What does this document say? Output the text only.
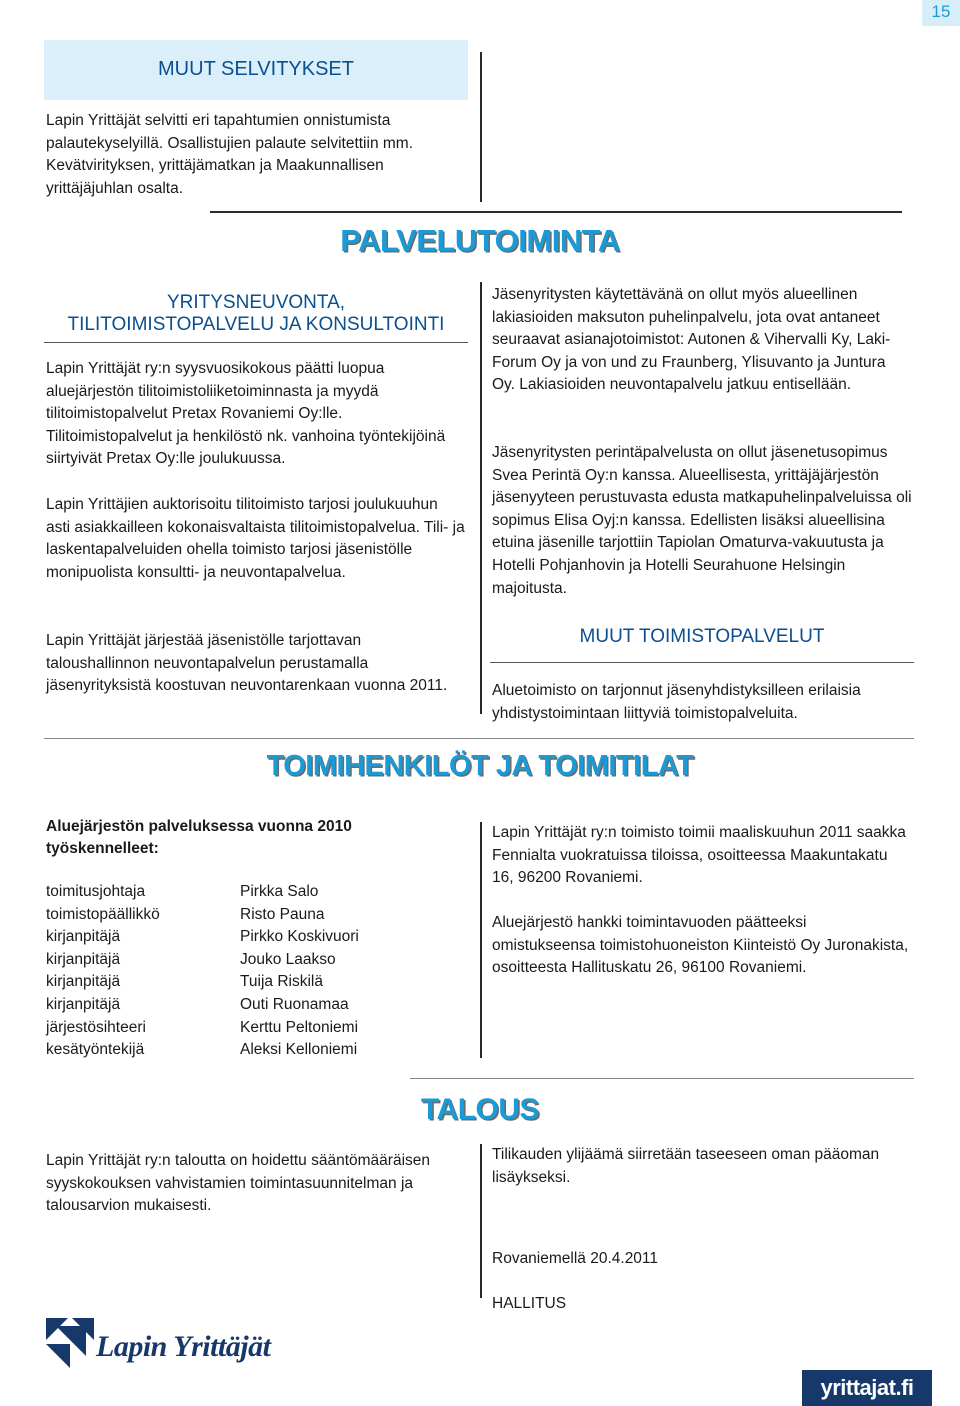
15
MUUT SELVITYKSET

Lapin Yrittäjät selvitti eri tapahtumien onnistumista palautekyselyillä. Osallistujien palaute selvitettiin mm. Kevätvirityksen, yrittäjämatkan ja Maakunnallisen yrittäjäjuhlan osalta.

PALVELUTOIMINTA
YRITYSNEUVONTA,
TILITOIMISTOPALVELU JA KONSULTOINTI

Lapin Yrittäjät ry:n syysvuosikokous päätti luopua aluejärjestön tilitoimistoliiketoiminnasta ja myydä tilitoimistopalvelut Pretax Rovaniemi Oy:lle. Tilitoimistopalvelut ja henkilöstö nk. vanhoina työntekijöinä siirtyivät Pretax Oy:lle joulukuussa.

Lapin Yrittäjien auktorisoitu tilitoimisto tarjosi joulukuuhun asti asiakkailleen kokonaisvaltaista tilitoimistopalvelua. Tili- ja laskentapalveluiden ohella toimisto tarjosi jäsenistölle monipuolista konsultti- ja neuvontapalvelua.

Lapin Yrittäjät järjestää jäsenistölle tarjottavan taloushallinnon neuvontapalvelun perustamalla jäsenyrityksistä koostuvan neuvontarenkaan vuonna 2011.

Jäsenyritysten käytettävänä on ollut myös alueellinen lakiasioiden maksuton puhelinpalvelu, jota ovat antaneet seuraavat asianajotoimistot: Autonen & Vihervalli Ky, Laki-Forum Oy ja von und zu Fraunberg, Ylisuvanto ja Juntura Oy. Lakiasioiden neuvontapalvelu jatkuu entisellään.

Jäsenyritysten perintäpalvelusta on ollut jäsenetusopimus Svea Perintä Oy:n kanssa. Alueellisesta, yrittäjäjärjestön jäsenyyteen perustuvasta edusta matkapuhelinpalveluissa oli sopimus Elisa Oyj:n kanssa. Edellisten lisäksi alueellisina etuina jäsenille tarjottiin Tapiolan Omaturva-vakuutusta ja Hotelli Pohjanhovin ja Hotelli Seurahuone Helsingin majoitusta.

MUUT TOIMISTOPALVELUT

Aluetoimisto on tarjonnut jäsenyhdistyksilleen erilaisia yhdistystoimintaan liittyviä toimistopalveluita.

TOIMIHENKILÖT JA TOIMITILAT
Aluejärjestön palveluksessa vuonna 2010
työskennelleet:
toimitusjohtaja	Pirkka Salo
toimistopäällikkö	Risto Pauna
kirjanpitäjä	Pirkko Koskivuori
kirjanpitäjä	Jouko Laakso
kirjanpitäjä	Tuija Riskilä
kirjanpitäjä	Outi Ruonamaa
järjestösihteeri	Kerttu Peltoniemi
kesätyöntekijä	Aleksi Kelloniemi

Lapin Yrittäjät ry:n toimisto toimii maaliskuuhun 2011 saakka Fennialta vuokratuissa tiloissa, osoitteessa Maakuntakatu 16, 96200 Rovaniemi.

Aluejärjestö hankki toimintavuoden päätteeksi omistukseensa toimistohuoneiston Kiinteistö Oy Juronakista, osoitteesta Hallituskatu 26, 96100 Rovaniemi.

TALOUS

Lapin Yrittäjät ry:n taloutta on hoidettu sääntömääräisen syyskokouksen vahvistamien toimintasuunnitelman ja talousarvion mukaisesti.

Tilikauden ylijäämä siirretään taseeseen oman pääoman lisäykseksi.

Rovaniemellä 20.4.2011

HALLITUS

Lapin Yrittäjät
yrittajat.fi
